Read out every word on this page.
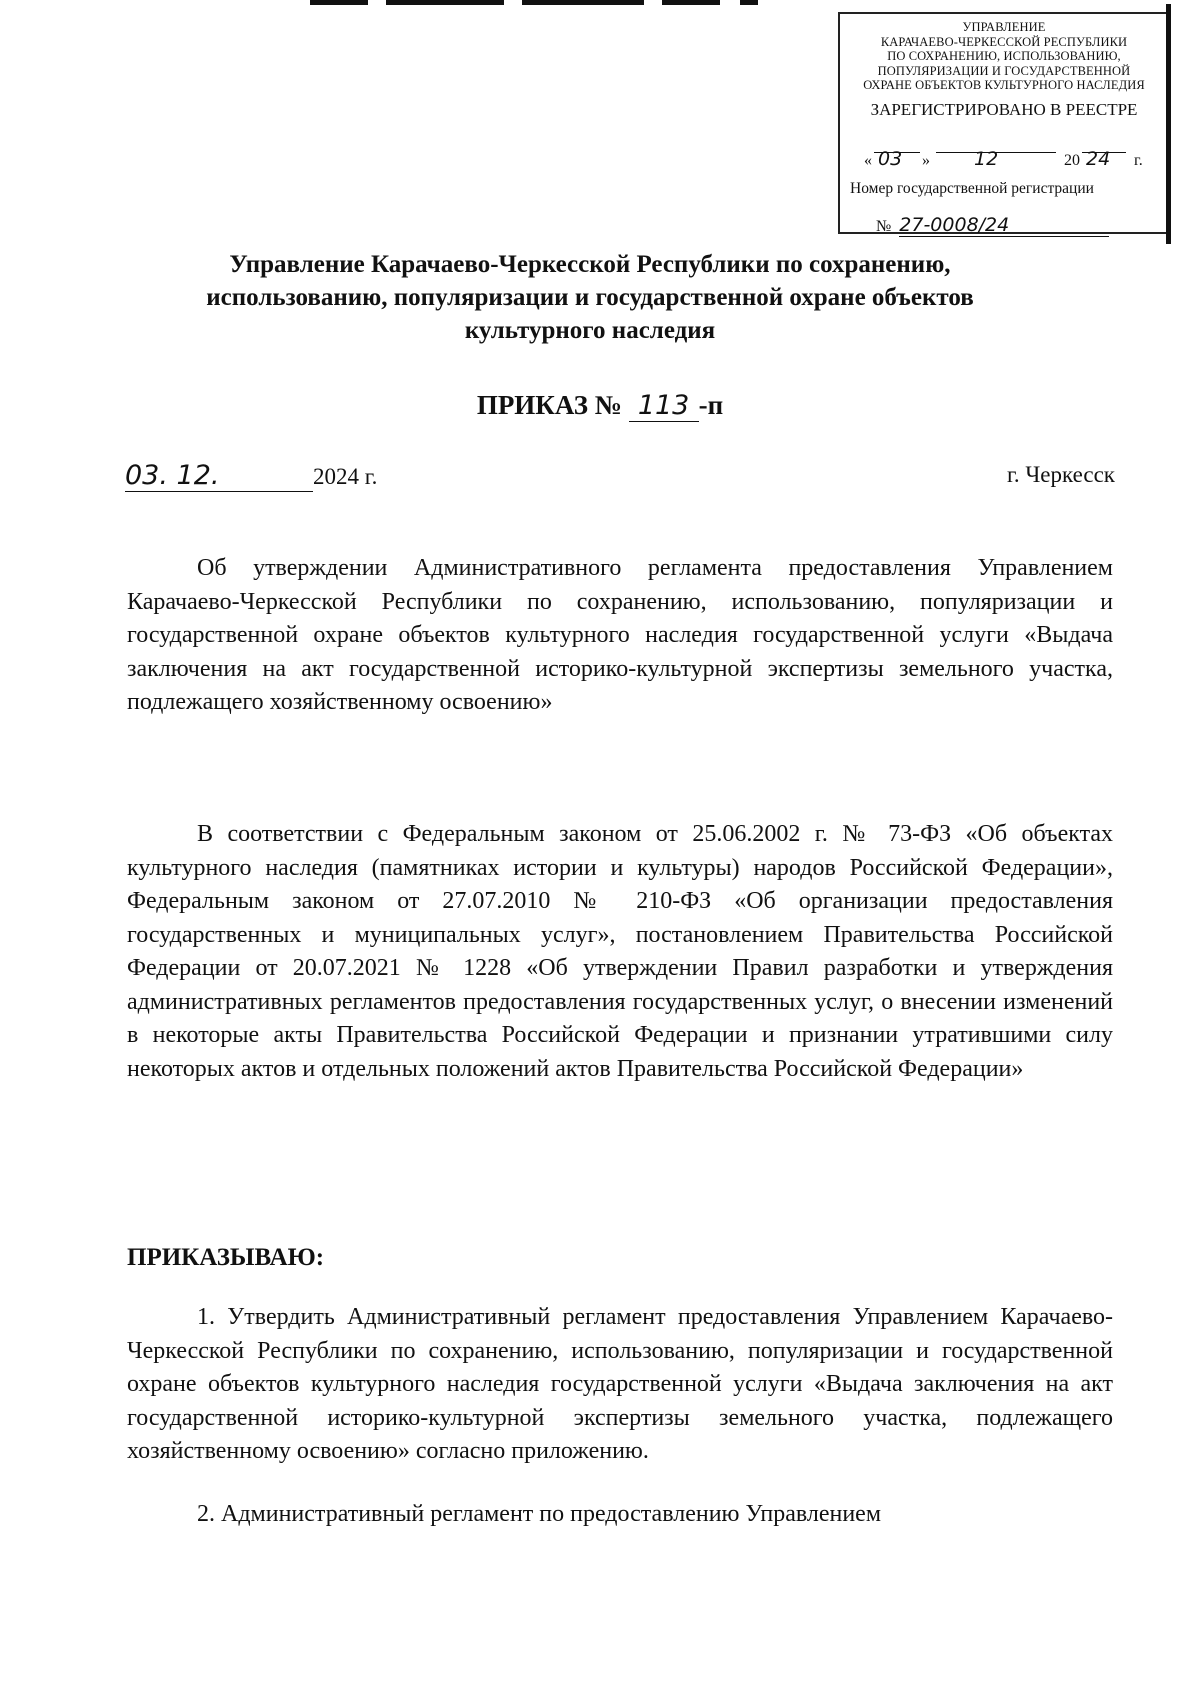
УПРАВЛЕНИЕ
КАРАЧАЕВО-ЧЕРКЕССКОЙ РЕСПУБЛИКИ
ПО СОХРАНЕНИЮ, ИСПОЛЬЗОВАНИЮ,
ПОПУЛЯРИЗАЦИИ И ГОСУДАРСТВЕННОЙ
ОХРАНЕ ОБЪЕКТОВ КУЛЬТУРНОГО НАСЛЕДИЯ
ЗАРЕГИСТРИРОВАНО В РЕЕСТРЕ
« 03 » 12	20 24 г.
Номер государственной регистрации
№ 27-0008/24
Управление Карачаево-Черкесской Республики по сохранению, использованию, популяризации и государственной охране объектов культурного наследия
ПРИКАЗ № 113 -п
03. 12.	2024 г.	г. Черкесск
Об утверждении Административного регламента предоставления Управлением Карачаево-Черкесской Республики по сохранению, использованию, популяризации и государственной охране объектов культурного наследия государственной услуги «Выдача заключения на акт государственной историко-культурной экспертизы земельного участка, подлежащего хозяйственному освоению»
В соответствии с Федеральным законом от 25.06.2002 г. № 73-ФЗ «Об объектах культурного наследия (памятниках истории и культуры) народов Российской Федерации», Федеральным законом от 27.07.2010 № 210-ФЗ «Об организации предоставления государственных и муниципальных услуг», постановлением Правительства Российской Федерации от 20.07.2021 № 1228 «Об утверждении Правил разработки и утверждения административных регламентов предоставления государственных услуг, о внесении изменений в некоторые акты Правительства Российской Федерации и признании утратившими силу некоторых актов и отдельных положений актов Правительства Российской Федерации»
ПРИКАЗЫВАЮ:
1. Утвердить Административный регламент предоставления Управлением Карачаево-Черкесской Республики по сохранению, использованию, популяризации и государственной охране объектов культурного наследия государственной услуги «Выдача заключения на акт государственной историко-культурной экспертизы земельного участка, подлежащего хозяйственному освоению» согласно приложению.
2. Административный регламент по предоставлению Управлением
